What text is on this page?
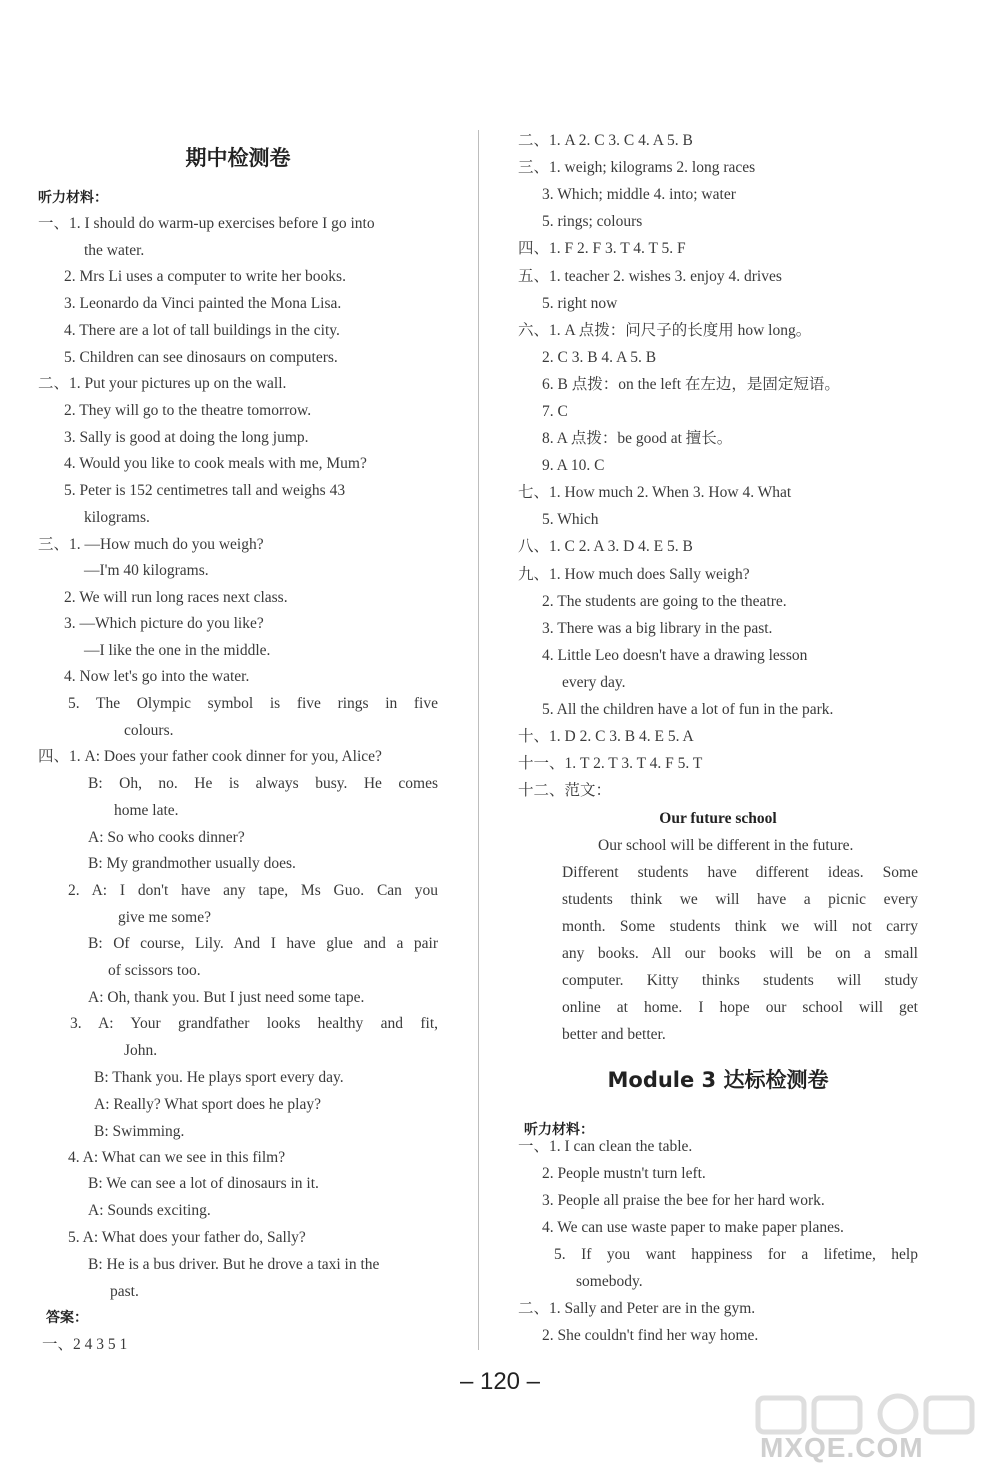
期中检测卷
听力材料：
一、1. I should do warm-up exercises before I go into
the water.
2. Mrs Li uses a computer to write her books.
3. Leonardo da Vinci painted the Mona Lisa.
4. There are a lot of tall buildings in the city.
5. Children can see dinosaurs on computers.
二、1. Put your pictures up on the wall.
2. They will go to the theatre tomorrow.
3. Sally is good at doing the long jump.
4. Would you like to cook meals with me, Mum?
5. Peter is 152 centimetres tall and weighs 43
kilograms.
三、1. —How much do you weigh?
—I'm 40 kilograms.
2. We will run long races next class.
3. —Which picture do you like?
—I like the one in the middle.
4. Now let's go into the water.
5. The Olympic symbol is five rings in five
colours.
四、1. A: Does your father cook dinner for you, Alice?
B: Oh, no. He is always busy. He comes
home late.
A: So who cooks dinner?
B: My grandmother usually does.
2. A: I don't have any tape, Ms Guo. Can you
give me some?
B: Of course, Lily. And I have glue and a pair
of scissors too.
A: Oh, thank you. But I just need some tape.
3. A: Your grandfather looks healthy and fit,
John.
B: Thank you. He plays sport every day.
A: Really? What sport does he play?
B: Swimming.
4. A: What can we see in this film?
B: We can see a lot of dinosaurs in it.
A: Sounds exciting.
5. A: What does your father do, Sally?
B: He is a bus driver. But he drove a taxi in the
past.
答案：
一、2 4 3 5 1
二、1. A 2. C 3. C 4. A 5. B
三、1. weigh; kilograms 2. long races
3. Which; middle 4. into; water
5. rings; colours
四、1. F 2. F 3. T 4. T 5. F
五、1. teacher 2. wishes 3. enjoy 4. drives
5. right now
六、1. A 点拨：问尺子的长度用 how long。
2. C 3. B 4. A 5. B
6. B 点拨：on the left 在左边，是固定短语。
7. C
8. A 点拨：be good at 擅长。
9. A 10. C
七、1. How much 2. When 3. How 4. What
5. Which
八、1. C 2. A 3. D 4. E 5. B
九、1. How much does Sally weigh?
2. The students are going to the theatre.
3. There was a big library in the past.
4. Little Leo doesn't have a drawing lesson
every day.
5. All the children have a lot of fun in the park.
十、1. D 2. C 3. B 4. E 5. A
十一、1. T 2. T 3. T 4. F 5. T
十二、范文：
Our future school
Our school will be different in the future.
Different students have different ideas. Some
students think we will have a picnic every
month. Some students think we will not carry
any books. All our books will be on a small
computer. Kitty thinks students will study
online at home. I hope our school will get
better and better.
Module 3 达标检测卷
听力材料：
一、1. I can clean the table.
2. People mustn't turn left.
3. People all praise the bee for her hard work.
4. We can use waste paper to make paper planes.
5. If you want happiness for a lifetime, help
somebody.
二、1. Sally and Peter are in the gym.
2. She couldn't find her way home.
– 120 –
MXQE.COM
